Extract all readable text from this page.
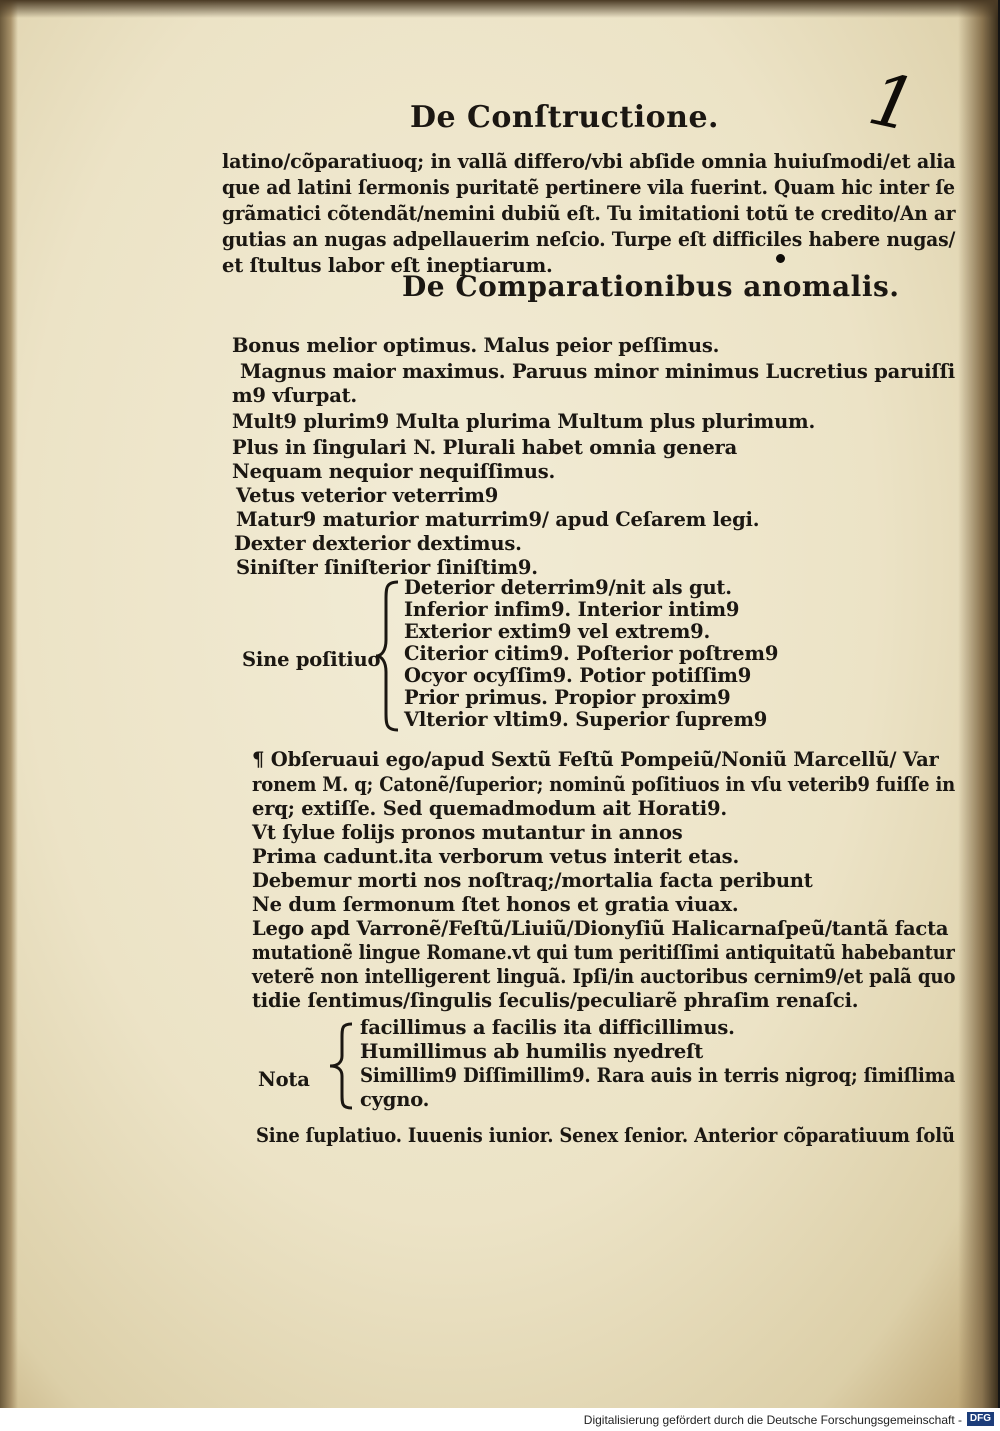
1
De Conſtructione.
latino/cõparatiuoq; in vallã differo/vbi abſide omnia huiuſmodi/et alia
que ad latini ſermonis puritatẽ pertinere vila fuerint. Quam hic inter ſe
grãmatici cõtendãt/nemini dubiũ eſt. Tu imitationi totũ te credito/An ar
gutias an nugas adpellauerim neſcio. Turpe eſt difficiles habere nugas/
et ſtultus labor eſt ineptiarum.
De Comparationibus anomalis.
Bonus melior optimus. Malus peior peſſimus.
Magnus maior maximus. Paruus minor minimus Lucretius paruiſſi
m9 vſurpat.
Mult9 plurim9 Multa plurima Multum plus plurimum.
Plus in ſingulari N. Plurali habet omnia genera
Nequam nequior nequiſſimus.
Vetus veterior veterrim9
Matur9 maturior maturrim9/ apud Ceſarem legi.
Dexter dexterior dextimus.
Siniſter ſiniſterior ſiniſtim9.
Sine poſitiuo
Deterior deterrim9/nit als gut.
Inferior infim9. Interior intim9
Exterior extim9 vel extrem9.
Citerior citim9. Poſterior poſtrem9
Ocyor ocyſſim9. Potior potiſſim9
Prior primus. Propior proxim9
Vlterior vltim9. Superior ſuprem9
¶ Obſeruaui ego/apud Sextũ Feſtũ Pompeiũ/Noniũ Marcellũ/ Var
ronem M. q; Catonẽ/ſuperior; nominũ poſitiuos in vſu veterib9 fuiſſe in
erq; extiſſe. Sed quemadmodum ait Horati9.
Vt ſylue folijs pronos mutantur in annos
Prima cadunt.ita verborum vetus interit etas.
Debemur morti nos noſtraq;/mortalia facta peribunt
Ne dum ſermonum ſtet honos et gratia viuax.
Lego apd Varronẽ/Feſtũ/Liuiũ/Dionyſiũ Halicarnaſpeũ/tantã facta
mutationẽ lingue Romane.vt qui tum peritiſſimi antiquitatũ habebantur
veterẽ non intelligerent linguã. Ipſi/in auctoribus cernim9/et palã quo
tidie ſentimus/ſingulis ſeculis/peculiarẽ phraſim renaſci.
Nota
facillimus a facilis ita difficillimus.
Humillimus ab humilis nyedreſt
Simillim9 Diſſimillim9. Rara auis in terris nigroq; ſimiſlima
cygno.
Sine ſuplatiuo. Iuuenis iunior. Senex ſenior. Anterior cõparatiuum ſolũ
Digitalisierung gefördert durch die Deutsche Forschungsgemeinschaft - DFG
